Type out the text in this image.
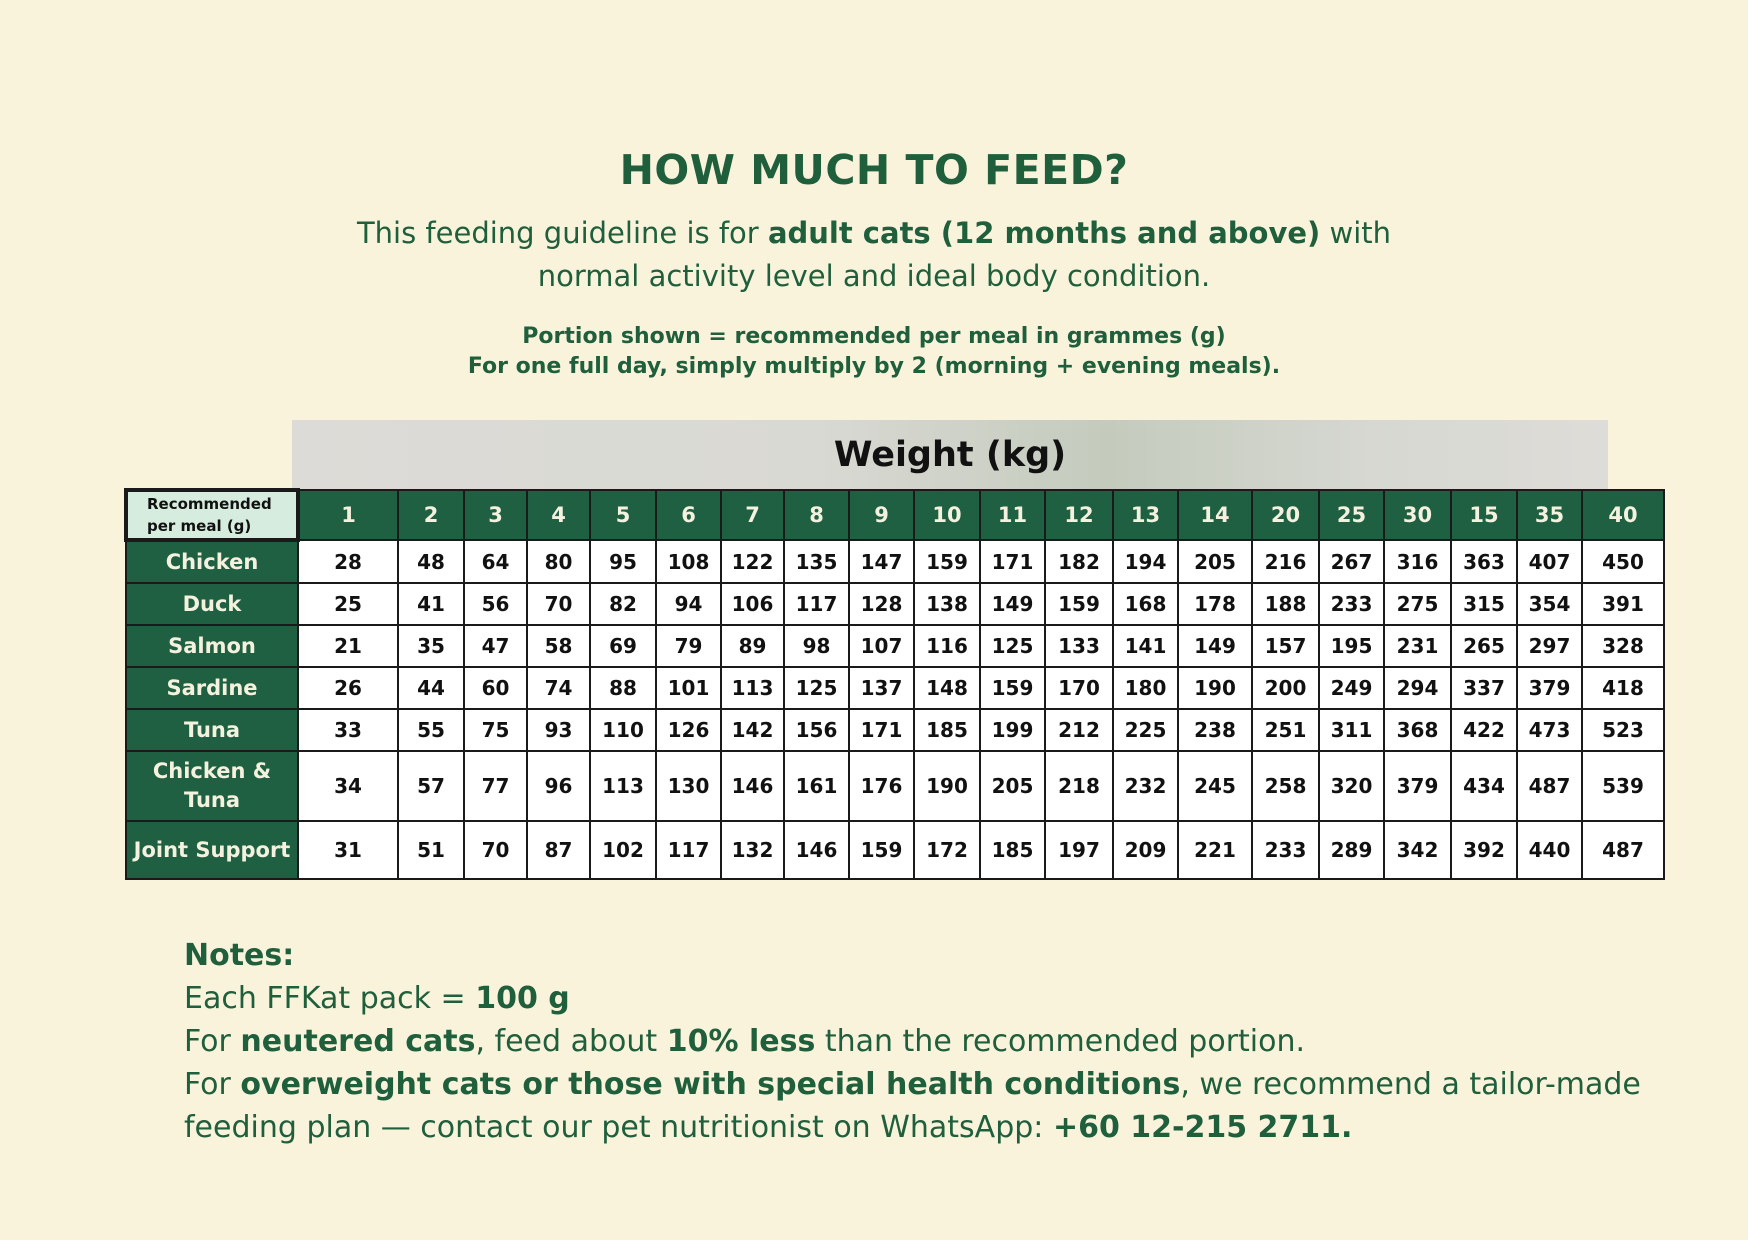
HOW MUCH TO FEED?
This feeding guideline is for adult cats (12 months and above) with
normal activity level and ideal body condition.
Portion shown = recommended per meal in grammes (g)
For one full day, simply multiply by 2 (morning + evening meals).
Weight (kg)
Recommended
per meal (g)	1	2	3	4	5	6	7	8	9	10	11	12	13	14	20	25	30	15	35	40
Chicken	28	48	64	80	95	108	122	135	147	159	171	182	194	205	216	267	316	363	407	450
Duck	25	41	56	70	82	94	106	117	128	138	149	159	168	178	188	233	275	315	354	391
Salmon	21	35	47	58	69	79	89	98	107	116	125	133	141	149	157	195	231	265	297	328
Sardine	26	44	60	74	88	101	113	125	137	148	159	170	180	190	200	249	294	337	379	418
Tuna	33	55	75	93	110	126	142	156	171	185	199	212	225	238	251	311	368	422	473	523
Chicken &
Tuna	34	57	77	96	113	130	146	161	176	190	205	218	232	245	258	320	379	434	487	539
Joint Support	31	51	70	87	102	117	132	146	159	172	185	197	209	221	233	289	342	392	440	487
Notes:
Each FFKat pack = 100 g
For neutered cats, feed about 10% less than the recommended portion.
For overweight cats or those with special health conditions, we recommend a tailor-made
feeding plan — contact our pet nutritionist on WhatsApp: +60 12-215 2711.
